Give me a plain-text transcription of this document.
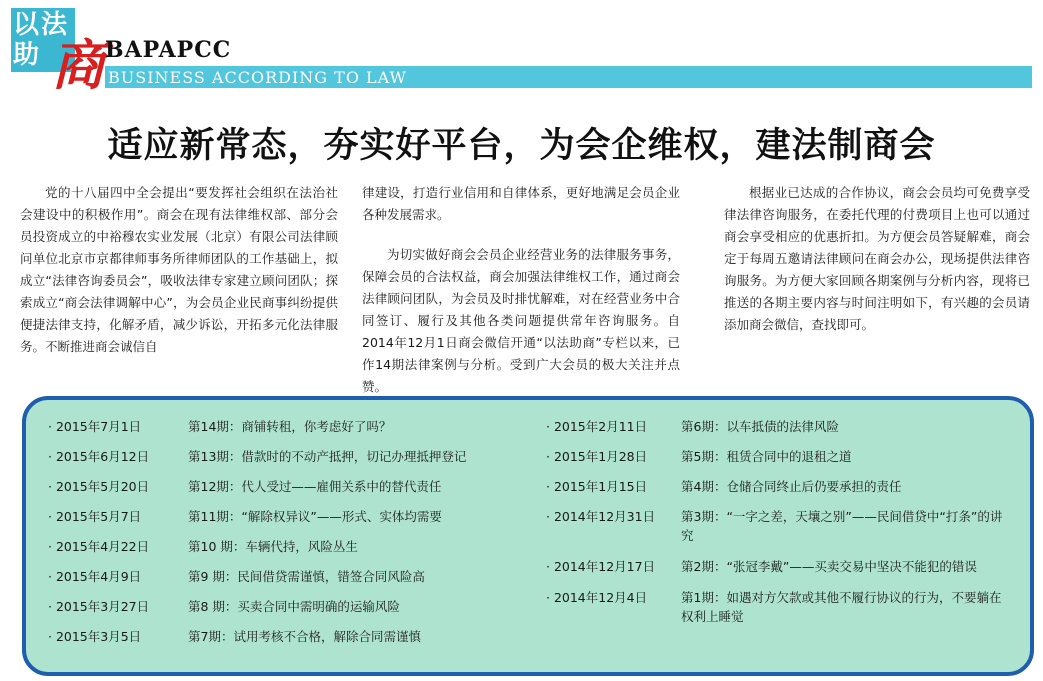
以 法
助 商 BAPAPCC
BUSINESS ACCORDING TO LAW
适应新常态，夯实好平台，为会企维权，建法制商会

党的十八届四中全会提出“要发挥社会组织在法治社会建设中的积极作用”。商会在现有法律维权部、部分会员投资成立的中裕穆农实业发展（北京）有限公司法律顾问单位北京市京都律师事务所律师团队的工作基础上，拟成立“法律咨询委员会”，吸收法律专家建立顾问团队；探索成立“商会法律调解中心”，为会员企业民商事纠纷提供便捷法律支持，化解矛盾，减少诉讼，开拓多元化法律服务。不断推进商会诚信自

律建设，打造行业信用和自律体系，更好地满足会员企业各种发展需求。

为切实做好商会会员企业经营业务的法律服务事务，保障会员的合法权益，商会加强法律维权工作，通过商会法律顾问团队，为会员及时排忧解难，对在经营业务中合同签订、履行及其他各类问题提供常年咨询服务。自2014年12月1日商会微信开通“以法助商”专栏以来，已作14期法律案例与分析。受到广大会员的极大关注并点赞。

根据业已达成的合作协议，商会会员均可免费享受律法律咨询服务，在委托代理的付费项目上也可以通过商会享受相应的优惠折扣。为方便会员答疑解难，商会定于每周五邀请法律顾问在商会办公，现场提供法律咨询服务。为方便大家回顾各期案例与分析内容，现将已推送的各期主要内容与时间注明如下，有兴趣的会员请添加商会微信，查找即可。

· 2015年7月1日	第14期：商铺转租，你考虑好了吗？
· 2015年6月12日	第13期：借款时的不动产抵押，切记办理抵押登记
· 2015年5月20日	第12期：代人受过——雇佣关系中的替代责任
· 2015年5月7日	第11期：“解除权异议”——形式、实体均需要
· 2015年4月22日	第10 期：车辆代持，风险丛生
· 2015年4月9日	第9 期：民间借贷需谨慎，错签合同风险高
· 2015年3月27日	第8 期：买卖合同中需明确的运输风险
· 2015年3月5日	第7期：试用考核不合格，解除合同需谨慎
· 2015年2月11日	第6期：以车抵债的法律风险
· 2015年1月28日	第5期：租赁合同中的退租之道
· 2015年1月15日	第4期：仓储合同终止后仍要承担的责任
· 2014年12月31日	第3期：“一字之差，天壤之别”——民间借贷中“打条”的讲究
· 2014年12月17日	第2期：“张冠李戴”——买卖交易中坚决不能犯的错误
· 2014年12月4日	第1期：如遇对方欠款或其他不履行协议的行为，不要躺在权利上睡觉
